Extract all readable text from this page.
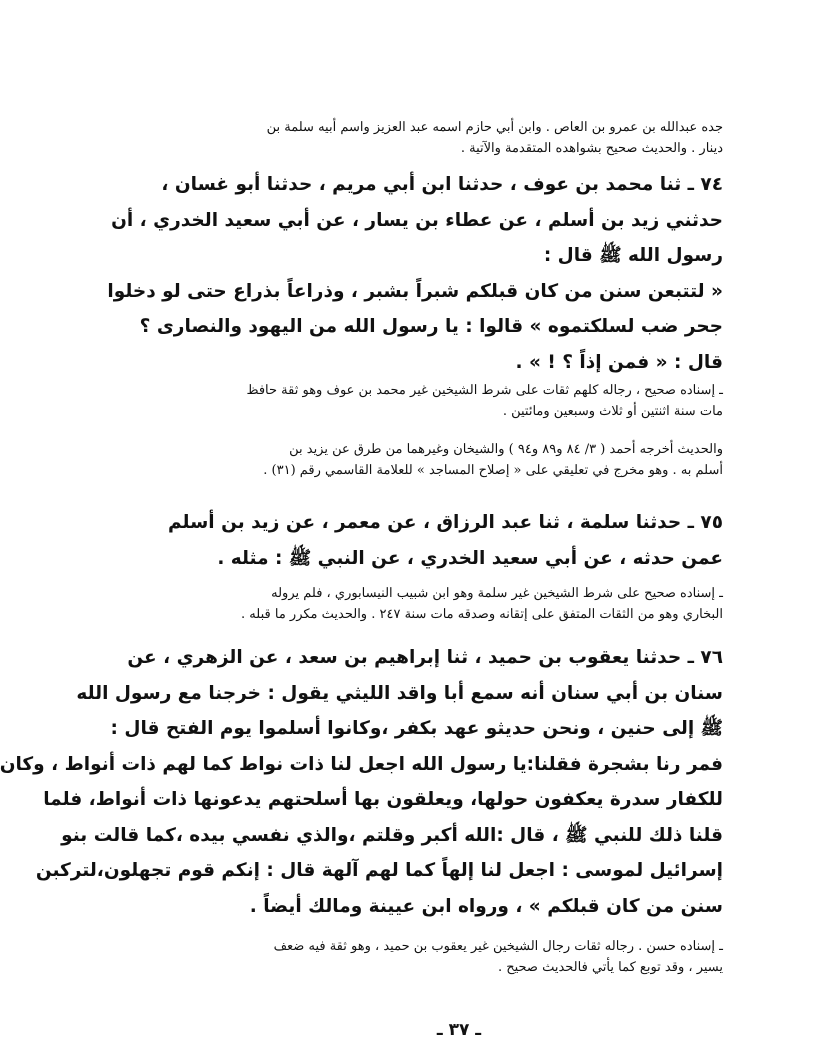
جده عبدالله بن عمرو بن العاص . وابن أبي حازم اسمه عبد العزيز واسم أبيه سلمة بن
دينار . والحديث صحيح بشواهده المتقدمة والآتية .
٧٤ ـ ثنا محمد بن عوف ، حدثنا ابن أبي مريم ، حدثنا أبو غسان ،
حدثني زيد بن أسلم ، عن عطاء بن يسار ، عن أبي سعيد الخدري ، أن
رسول الله ﷺ قال :
« لتتبعن سنن من كان قبلكم شبراً بشبر ، وذراعاً بذراع حتى لو دخلوا
جحر ضب لسلكتموه » قالوا : يا رسول الله من اليهود والنصارى ؟
قال : « فمن إذاً ؟ ! » .
ـ إسناده صحيح ، رجاله كلهم ثقات على شرط الشيخين غير محمد بن عوف وهو ثقة حافظ
مات سنة اثنتين أو ثلاث وسبعين ومائتين .
والحديث أخرجه أحمد ( ٣/ ٨٤ و٨٩ و٩٤ ) والشيخان وغيرهما من طرق عن يزيد بن
أسلم به . وهو مخرج في تعليقي على « إصلاح المساجد » للعلامة القاسمي رقم (٣١) .
٧٥ ـ حدثنا سلمة ، ثنا عبد الرزاق ، عن معمر ، عن زيد بن أسلم
عمن حدثه ، عن أبي سعيد الخدري ، عن النبي ﷺ : مثله .
ـ إسناده صحيح على شرط الشيخين غير سلمة وهو ابن شبيب النيسابوري ، فلم يروله
البخاري وهو من الثقات المتفق على إتقانه وصدقه مات سنة ٢٤٧ . والحديث مكرر ما قبله .
٧٦ ـ حدثنا يعقوب بن حميد ، ثنا إبراهيم بن سعد ، عن الزهري ، عن
سنان بن أبي سنان أنه سمع أبا واقد الليثي يقول : خرجنا مع رسول الله
ﷺ إلى حنين ، ونحن حديثو عهد بكفر ،وكانوا أسلموا يوم الفتح قال :
فمر رنا بشجرة فقلنا:يا رسول الله اجعل لنا ذات نواط كما لهم ذات أنواط ، وكان
للكفار سدرة يعكفون حولها، ويعلقون بها أسلحتهم يدعونها ذات أنواط، فلما
قلنا ذلك للنبي ﷺ ، قال :الله أكبر وقلتم ،والذي نفسي بيده ،كما قالت بنو
إسرائيل لموسى : اجعل لنا إلهاً كما لهم آلهة قال : إنكم قوم تجهلون،لتركبن
سنن من كان قبلكم » ، ورواه ابن عيينة ومالك أيضاً .
ـ إسناده حسن . رجاله ثقات رجال الشيخين غير يعقوب بن حميد ، وهو ثقة فيه ضعف
يسير ، وقد توبع كما يأتي فالحديث صحيح .
ـ ٣٧ ـ
